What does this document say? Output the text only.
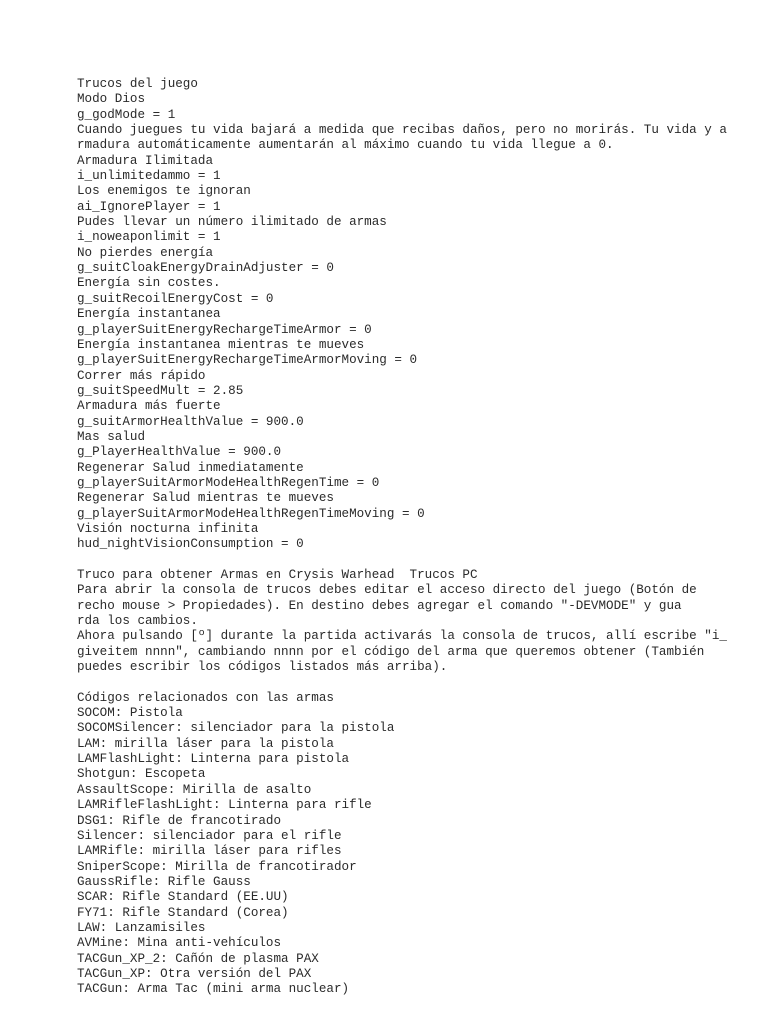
Trucos del juego
Modo Dios
g_godMode = 1
Cuando juegues tu vida bajará a medida que recibas daños, pero no morirás. Tu vida y a
rmadura automáticamente aumentarán al máximo cuando tu vida llegue a 0.
Armadura Ilimitada
i_unlimitedammo = 1
Los enemigos te ignoran
ai_IgnorePlayer = 1
Pudes llevar un número ilimitado de armas
i_noweaponlimit = 1
No pierdes energía
g_suitCloakEnergyDrainAdjuster = 0
Energía sin costes.
g_suitRecoilEnergyCost = 0
Energía instantanea
g_playerSuitEnergyRechargeTimeArmor = 0
Energía instantanea mientras te mueves
g_playerSuitEnergyRechargeTimeArmorMoving = 0
Correr más rápido
g_suitSpeedMult = 2.85
Armadura más fuerte
g_suitArmorHealthValue = 900.0
Mas salud
g_PlayerHealthValue = 900.0
Regenerar Salud inmediatamente
g_playerSuitArmorModeHealthRegenTime = 0
Regenerar Salud mientras te mueves
g_playerSuitArmorModeHealthRegenTimeMoving = 0
Visión nocturna infinita
hud_nightVisionConsumption = 0
Truco para obtener Armas en Crysis Warhead  Trucos PC
Para abrir la consola de trucos debes editar el acceso directo del juego (Botón de
recho mouse > Propiedades). En destino debes agregar el comando "-DEVMODE" y gua
rda los cambios.
Ahora pulsando [º] durante la partida activarás la consola de trucos, allí escribe "i_
giveitem nnnn", cambiando nnnn por el código del arma que queremos obtener (También
puedes escribir los códigos listados más arriba).
Códigos relacionados con las armas
SOCOM: Pistola
SOCOMSilencer: silenciador para la pistola
LAM: mirilla láser para la pistola
LAMFlashLight: Linterna para pistola
Shotgun: Escopeta
AssaultScope: Mirilla de asalto
LAMRifleFlashLight: Linterna para rifle
DSG1: Rifle de francotirado
Silencer: silenciador para el rifle
LAMRifle: mirilla láser para rifles
SniperScope: Mirilla de francotirador
GaussRifle: Rifle Gauss
SCAR: Rifle Standard (EE.UU)
FY71: Rifle Standard (Corea)
LAW: Lanzamisiles
AVMine: Mina anti-vehículos
TACGun_XP_2: Cañón de plasma PAX
TACGun_XP: Otra versión del PAX
TACGun: Arma Tac (mini arma nuclear)
